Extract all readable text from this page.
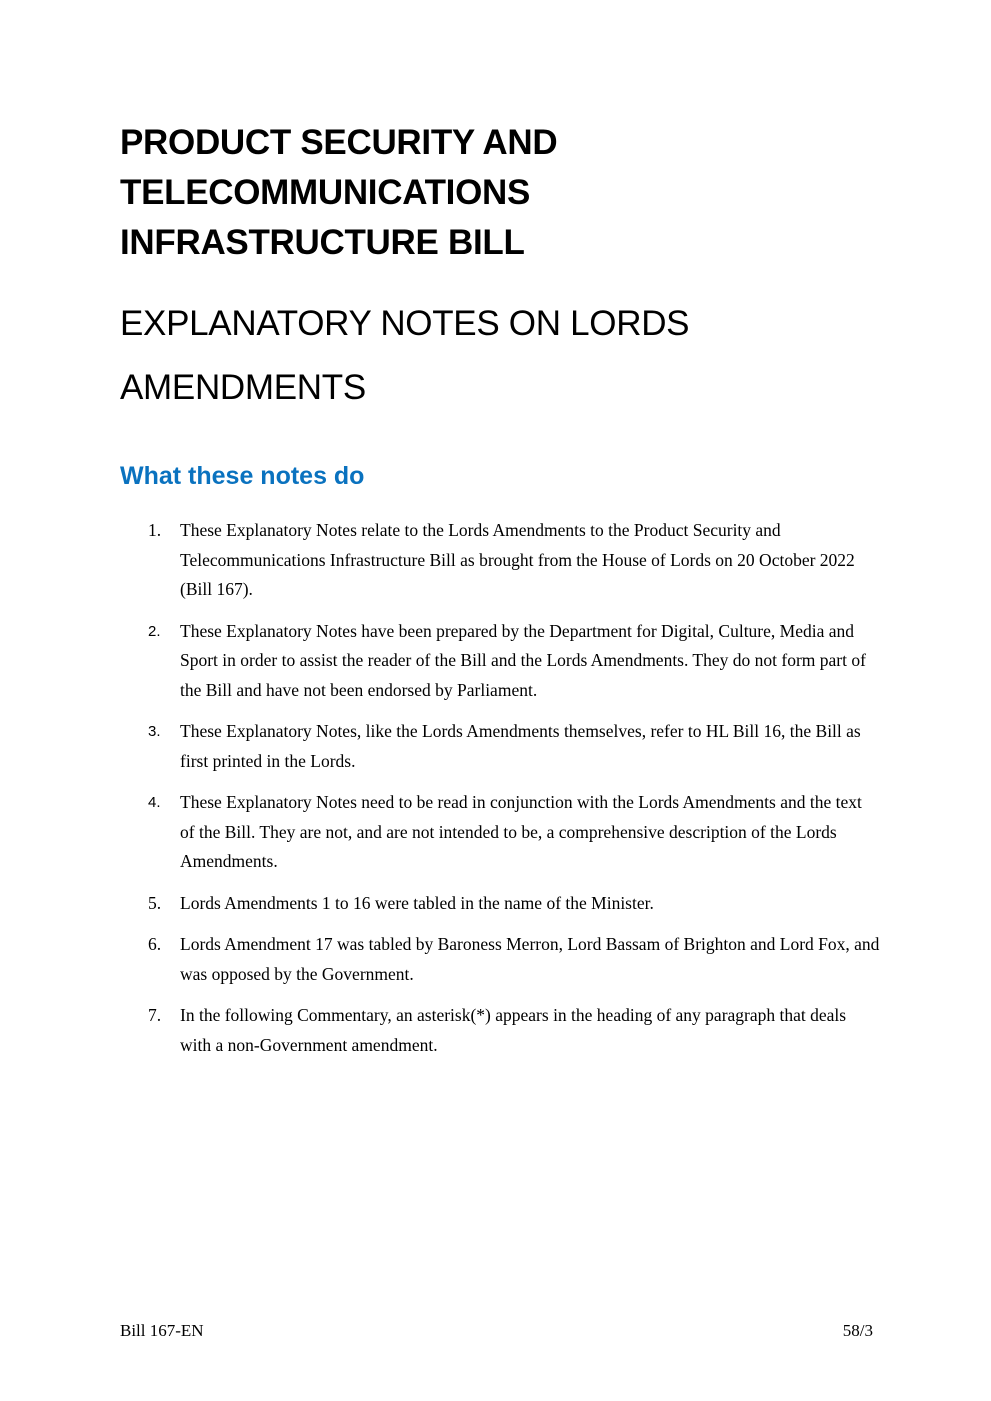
PRODUCT SECURITY AND
TELECOMMUNICATIONS
INFRASTRUCTURE BILL
EXPLANATORY NOTES ON LORDS
AMENDMENTS
What these notes do
1. These Explanatory Notes relate to the Lords Amendments to the Product Security and Telecommunications Infrastructure Bill as brought from the House of Lords on 20 October 2022 (Bill 167).
2. These Explanatory Notes have been prepared by the Department for Digital, Culture, Media and Sport in order to assist the reader of the Bill and the Lords Amendments. They do not form part of the Bill and have not been endorsed by Parliament.
3. These Explanatory Notes, like the Lords Amendments themselves, refer to HL Bill 16, the Bill as first printed in the Lords.
4. These Explanatory Notes need to be read in conjunction with the Lords Amendments and the text of the Bill. They are not, and are not intended to be, a comprehensive description of the Lords Amendments.
5. Lords Amendments 1 to 16 were tabled in the name of the Minister.
6. Lords Amendment 17 was tabled by Baroness Merron, Lord Bassam of Brighton and Lord Fox, and was opposed by the Government.
7. In the following Commentary, an asterisk(*) appears in the heading of any paragraph that deals with a non-Government amendment.
Bill 167-EN	58/3
